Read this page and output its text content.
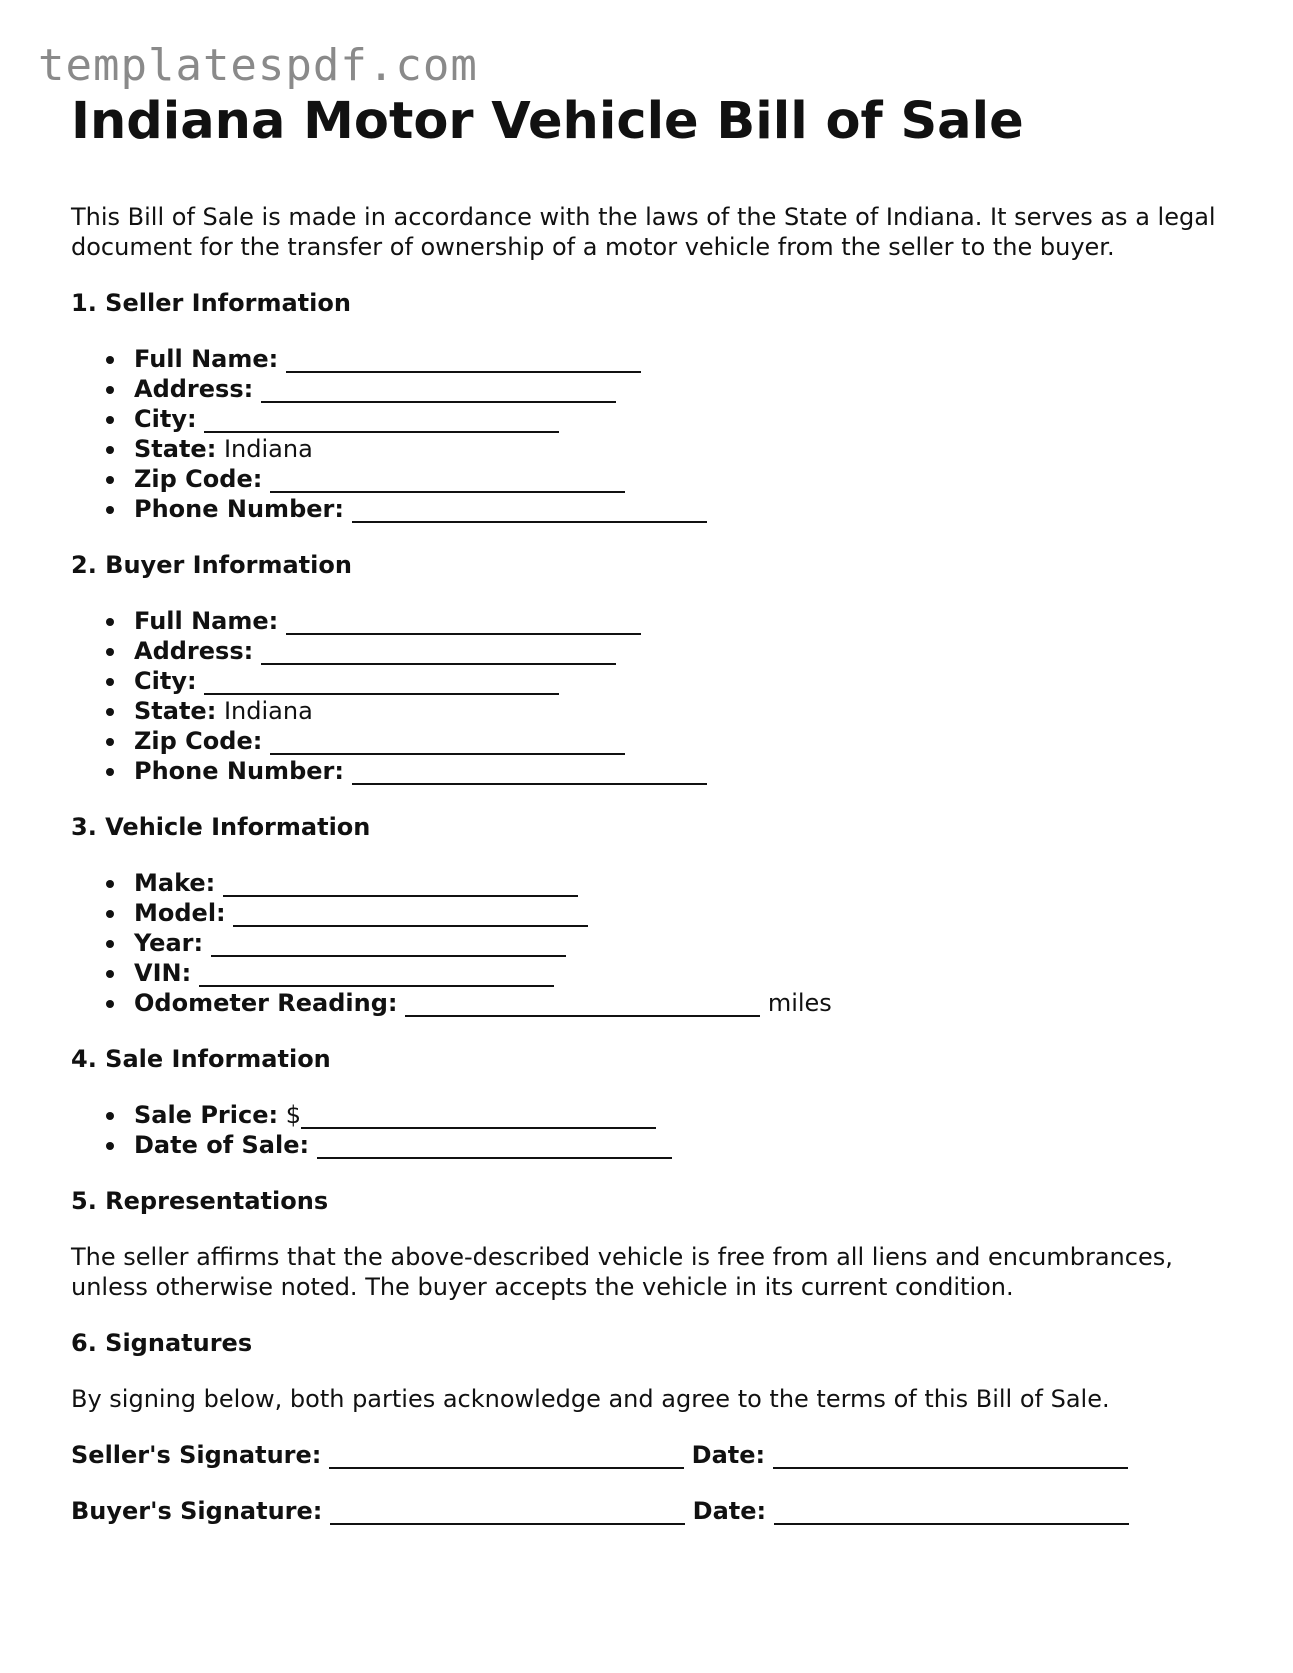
templatespdf.com
Indiana Motor Vehicle Bill of Sale

This Bill of Sale is made in accordance with the laws of the State of Indiana. It serves as a legal document for the transfer of ownership of a motor vehicle from the seller to the buyer.

1. Seller Information
Full Name:
Address:
City:
State: Indiana
Zip Code:
Phone Number:
2. Buyer Information
Full Name:
Address:
City:
State: Indiana
Zip Code:
Phone Number:
3. Vehicle Information
Make:
Model:
Year:
VIN:
Odometer Reading:	miles
4. Sale Information
Sale Price: $
Date of Sale:
5. Representations

The seller affirms that the above-described vehicle is free from all liens and encumbrances, unless otherwise noted. The buyer accepts the vehicle in its current condition.

6. Signatures

By signing below, both parties acknowledge and agree to the terms of this Bill of Sale.

Seller's Signature:	Date:
Buyer's Signature:	Date:
